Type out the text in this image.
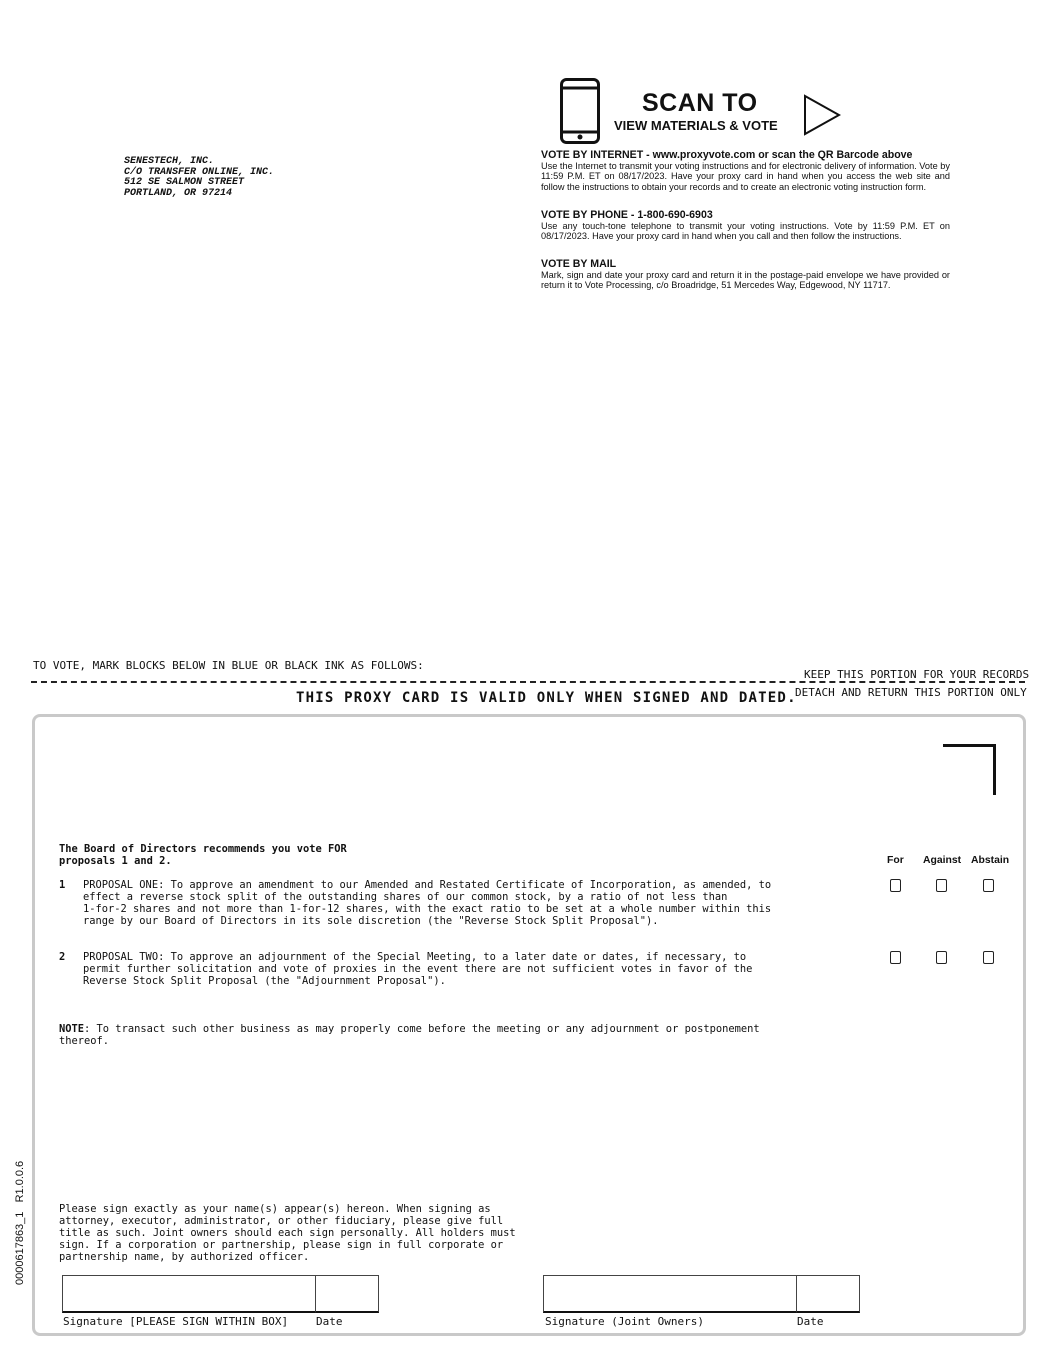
SENESTECH, INC.
C/O TRANSFER ONLINE, INC.
512 SE SALMON STREET
PORTLAND, OR 97214
SCAN TO
VIEW MATERIALS & VOTE
VOTE BY INTERNET - www.proxyvote.com or scan the QR Barcode above
Use the Internet to transmit your voting instructions and for electronic delivery of information. Vote by 11:59 P.M. ET on 08/17/2023. Have your proxy card in hand when you access the web site and follow the instructions to obtain your records and to create an electronic voting instruction form.
VOTE BY PHONE - 1-800-690-6903
Use any touch-tone telephone to transmit your voting instructions. Vote by 11:59 P.M. ET on 08/17/2023. Have your proxy card in hand when you call and then follow the instructions.
VOTE BY MAIL
Mark, sign and date your proxy card and return it in the postage-paid envelope we have provided or return it to Vote Processing, c/o Broadridge, 51 Mercedes Way, Edgewood, NY 11717.
TO VOTE, MARK BLOCKS BELOW IN BLUE OR BLACK INK AS FOLLOWS:
KEEP THIS PORTION FOR YOUR RECORDS
DETACH AND RETURN THIS PORTION ONLY
THIS PROXY CARD IS VALID ONLY WHEN SIGNED AND DATED.
The Board of Directors recommends you vote FOR
proposals 1 and 2.	For Against Abstain
1 PROPOSAL ONE: To approve an amendment to our Amended and Restated Certificate of Incorporation, as amended, to
effect a reverse stock split of the outstanding shares of our common stock, by a ratio of not less than
1-for-2 shares and not more than 1-for-12 shares, with the exact ratio to be set at a whole number within this
range by our Board of Directors in its sole discretion (the "Reverse Stock Split Proposal").
2 PROPOSAL TWO: To approve an adjournment of the Special Meeting, to a later date or dates, if necessary, to
permit further solicitation and vote of proxies in the event there are not sufficient votes in favor of the
Reverse Stock Split Proposal (the "Adjournment Proposal").
NOTE: To transact such other business as may properly come before the meeting or any adjournment or postponement
thereof.
Please sign exactly as your name(s) appear(s) hereon. When signing as
attorney, executor, administrator, or other fiduciary, please give full
title as such. Joint owners should each sign personally. All holders must
sign. If a corporation or partnership, please sign in full corporate or
partnership name, by authorized officer.
Signature [PLEASE SIGN WITHIN BOX]	Date	Signature (Joint Owners)	Date
0000617863_1   R1.0.0.6
